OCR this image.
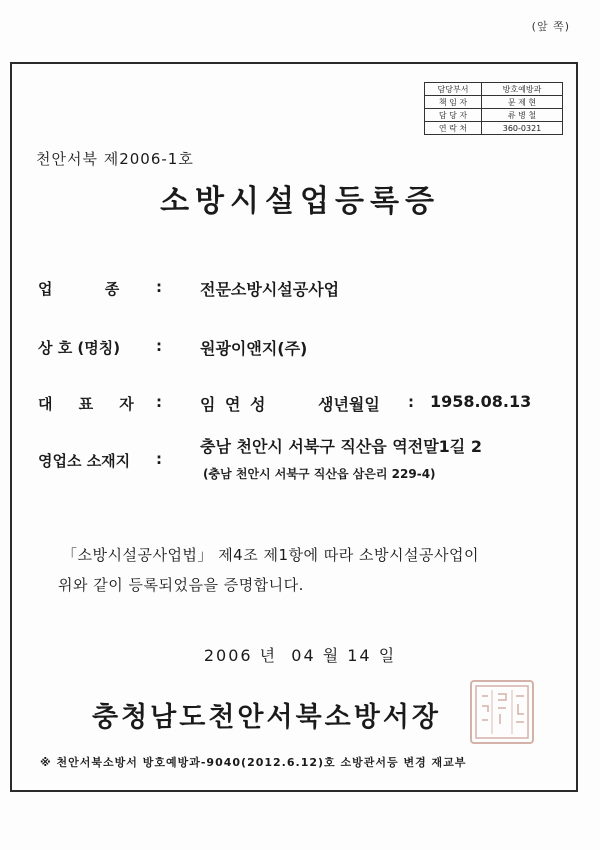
(앞 쪽)
담당부서	방호예방과
책 임 자	문 제 현
담 당 자	류 병 철
연 락 처	360-0321
천안서북 제2006-1호
소방시설업등록증
업          종 : 전문소방시설공사업
상 호 (명칭) : 원광이앤지(주)
대     표     자 : 임 연 성	생년월일 : 1958.08.13
영업소 소재지 :
충남 천안시 서북구 직산읍 역전말1길 2
(충남 천안시 서북구 직산읍 삼은리 229-4)
「소방시설공사업법」 제4조 제1항에 따라 소방시설공사업이
위와 같이 등록되었음을 증명합니다.
2006 년  04 월 14 일
충청남도천안서북소방서장
※ 천안서북소방서 방호예방과-9040(2012.6.12)호 소방관서등 변경 재교부
